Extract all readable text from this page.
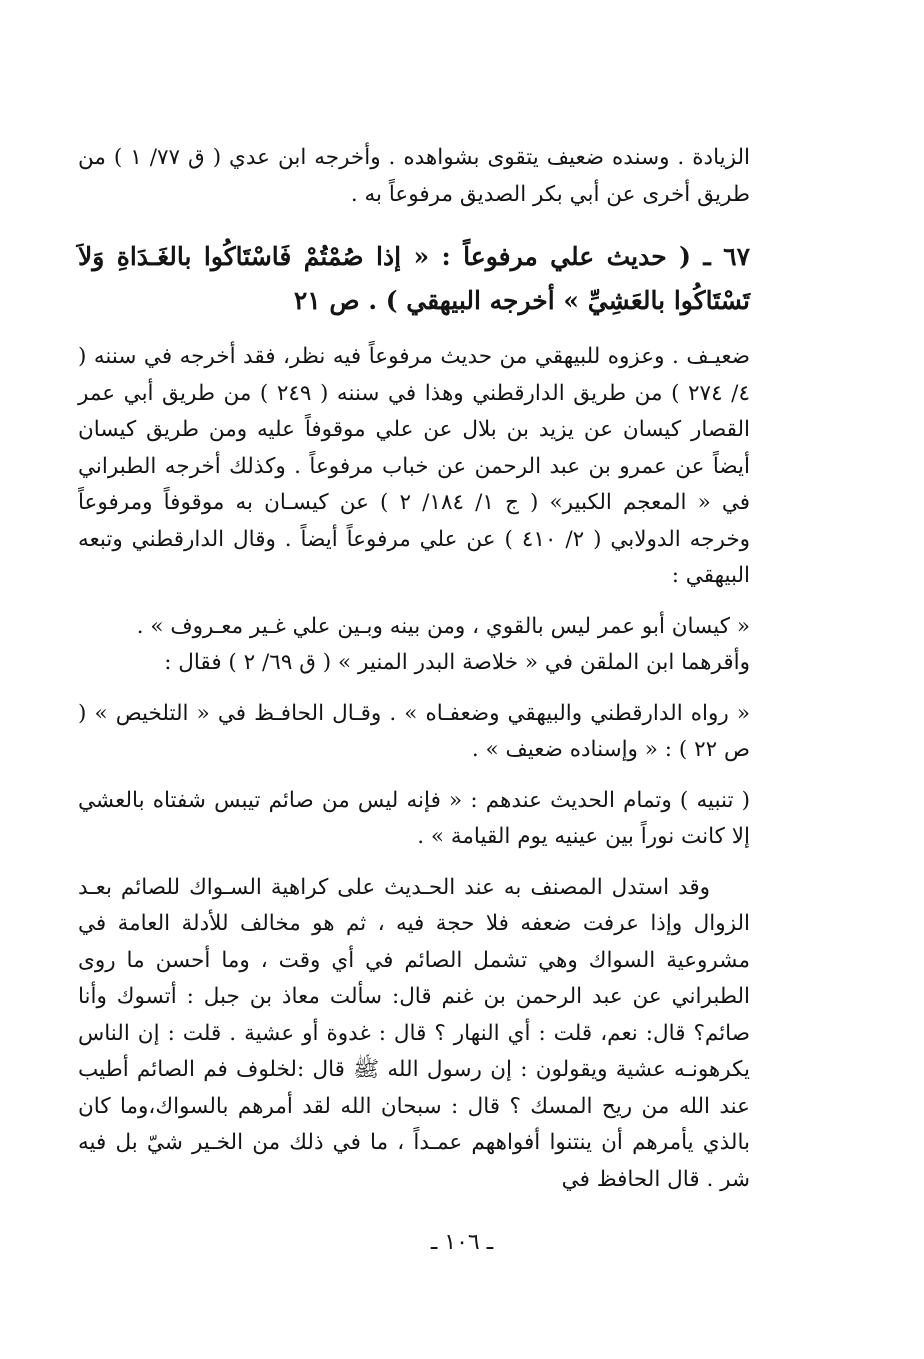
الزيادة . وسنده ضعيف يتقوى بشواهده . وأخرجه ابن عدي ( ق ٧٧/ ١ ) من طريق أخرى عن أبي بكر الصديق مرفوعاً به .

٦٧ ـ ( حديث علي مرفوعاً : « إذا صُمْتُمْ فَاسْتَاكُوا بالغَـدَاةِ وَلاَ تَسْتَاكُوا بالعَشِيِّ » أخرجه البيهقي ) . ص ٢١

ضعيـف . وعزوه للبيهقي من حديث مرفوعاً فيه نظر، فقد أخرجه في سننه ( ٤/ ٢٧٤ ) من طريق الدارقطني وهذا في سننه ( ٢٤٩ ) من طريق أبي عمر القصار كيسان عن يزيد بن بلال عن علي موقوفاً عليه ومن طريق كيسان أيضاً عن عمرو بن عبد الرحمن عن خباب مرفوعاً . وكذلك أخرجه الطبراني في « المعجم الكبير» ( ج ١/ ١٨٤/ ٢ ) عن كيسـان به موقوفاً ومرفوعاً وخرجه الدولابي ( ٢/ ٤١٠ ) عن علي مرفوعاً أيضاً . وقال الدارقطني وتبعه البيهقي :

« كيسان أبو عمر ليس بالقوي ، ومن بينه وبـين علي غـير معـروف » .

وأقرهما ابن الملقن في « خلاصة البدر المنير » ( ق ٦٩/ ٢ ) فقال :

« رواه الدارقطني والبيهقي وضعفـاه » . وقـال الحافـظ في « التلخيص » ( ص ٢٢ ) : « وإسناده ضعيف » .

( تنبيه ) وتمام الحديث عندهم : « فإنه ليس من صائم تيبس شفتاه بالعشي إلا كانت نوراً بين عينيه يوم القيامة » .

وقد استدل المصنف به عند الحـديث على كراهية السـواك للصائم بعـد الزوال وإذا عرفت ضعفه فلا حجة فيه ، ثم هو مخالف للأدلة العامة في مشروعية السواك وهي تشمل الصائم في أي وقت ، وما أحسن ما روى الطبراني عن عبد الرحمن بن غنم قال: سألت معاذ بن جبل : أتسوك وأنا صائم؟ قال: نعم، قلت : أي النهار ؟ قال : غدوة أو عشية . قلت : إن الناس يكرهونـه عشية ويقولون : إن رسول الله ﷺ قال :لخلوف فم الصائم أطيب عند الله من ريح المسك ؟ قال : سبحان الله لقد أمرهم بالسواك،وما كان بالذي يأمرهم أن ينتنوا أفواههم عمـداً ، ما في ذلك من الخـير شيّ بل فيه شر . قال الحافظ في

ـ ١٠٦ ـ
